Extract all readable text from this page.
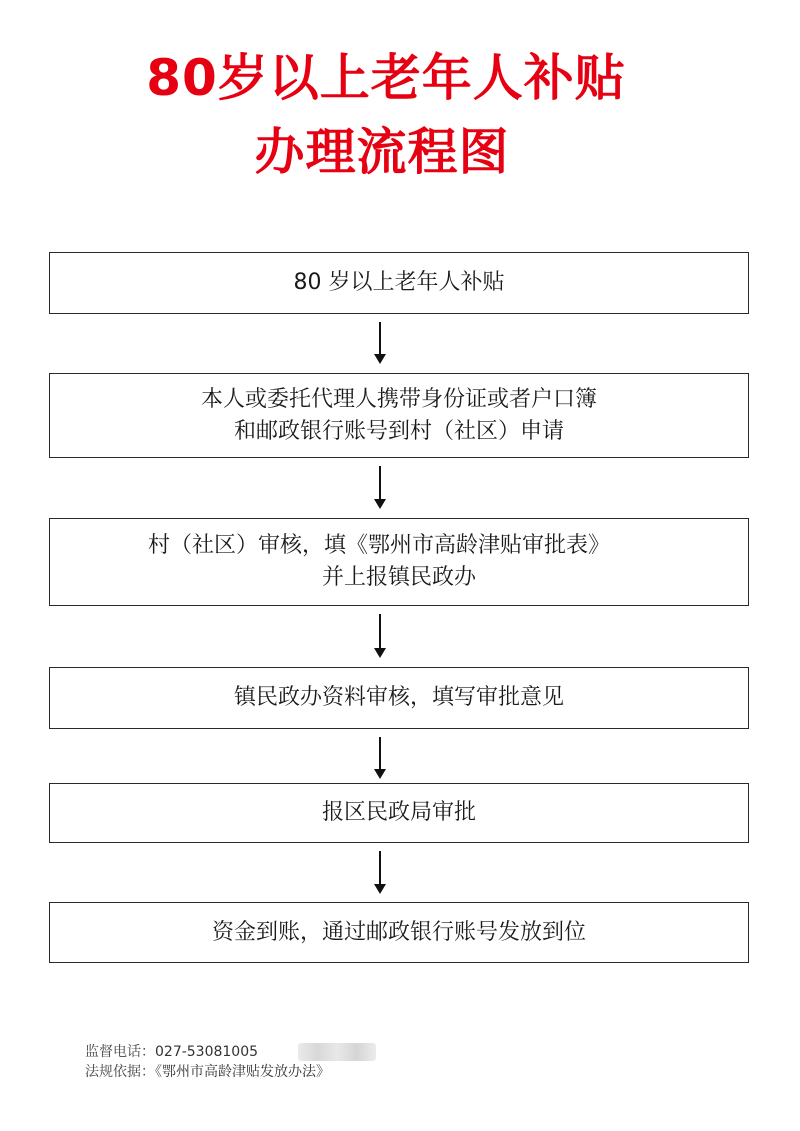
80岁以上老年人补贴
办理流程图
80 岁以上老年人补贴
本人或委托代理人携带身份证或者户口簿
和邮政银行账号到村（社区）申请
村（社区）审核，填《鄂州市高龄津贴审批表》
并上报镇民政办
镇民政办资料审核，填写审批意见
报区民政局审批
资金到账，通过邮政银行账号发放到位
监督电话：027-53081005
法规依据：《鄂州市高龄津贴发放办法》
